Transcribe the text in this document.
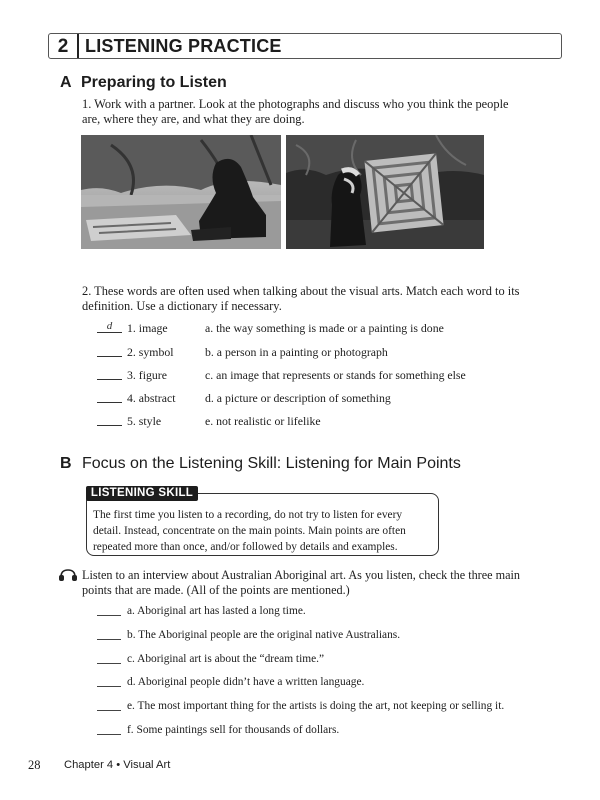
2 LISTENING PRACTICE
A Preparing to Listen
1. Work with a partner. Look at the photographs and discuss who you think the people are, where they are, and what they are doing.
2. These words are often used when talking about the visual arts. Match each word to its definition. Use a dictionary if necessary.
d	1. image	a. the way something is made or a painting is done
2. symbol	b. a person in a painting or photograph
3. figure	c. an image that represents or stands for something else
4. abstract	d. a picture or description of something
5. style	e. not realistic or lifelike
B Focus on the Listening Skill: Listening for Main Points
LISTENING SKILL
The first time you listen to a recording, do not try to listen for every detail. Instead, concentrate on the main points. Main points are often repeated more than once, and/or followed by details and examples.
Listen to an interview about Australian Aboriginal art. As you listen, check the three main points that are made. (All of the points are mentioned.)
a. Aboriginal art has lasted a long time.
b. The Aboriginal people are the original native Australians.
c. Aboriginal art is about the “dream time.”
d. Aboriginal people didn’t have a written language.
e. The most important thing for the artists is doing the art, not keeping or selling it.
f. Some paintings sell for thousands of dollars.
28 Chapter 4 • Visual Art
